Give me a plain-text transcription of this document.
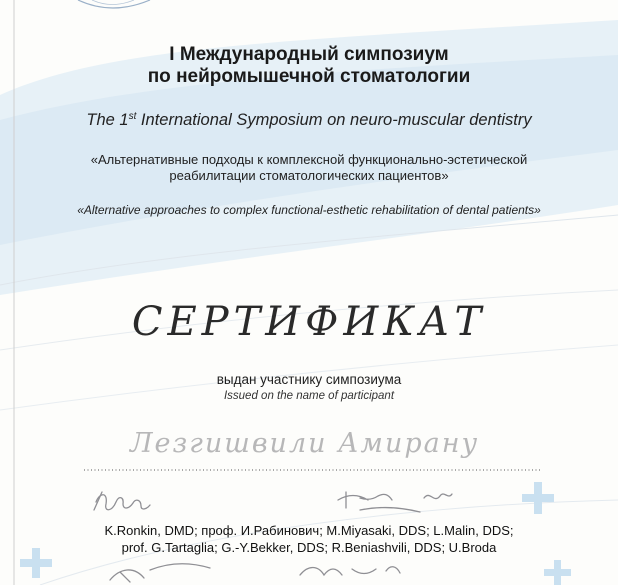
I Международный симпозиум
по нейромышечной стоматологии
The 1st International Symposium on neuro-muscular dentistry
«Альтернативные подходы к комплексной функционально-эстетической
реабилитации стоматологических пациентов»
«Alternative approaches to complex functional-esthetic rehabilitation of dental patients»
СЕРТИФИКАТ
выдан участнику симпозиума
Issued on the name of participant
Лезгишвили Амирану
K.Ronkin, DMD; проф. И.Рабинович; M.Miyasaki, DDS; L.Malin, DDS;
prof. G.Tartaglia; G.-Y.Bekker, DDS; R.Beniashvili, DDS; U.Broda
